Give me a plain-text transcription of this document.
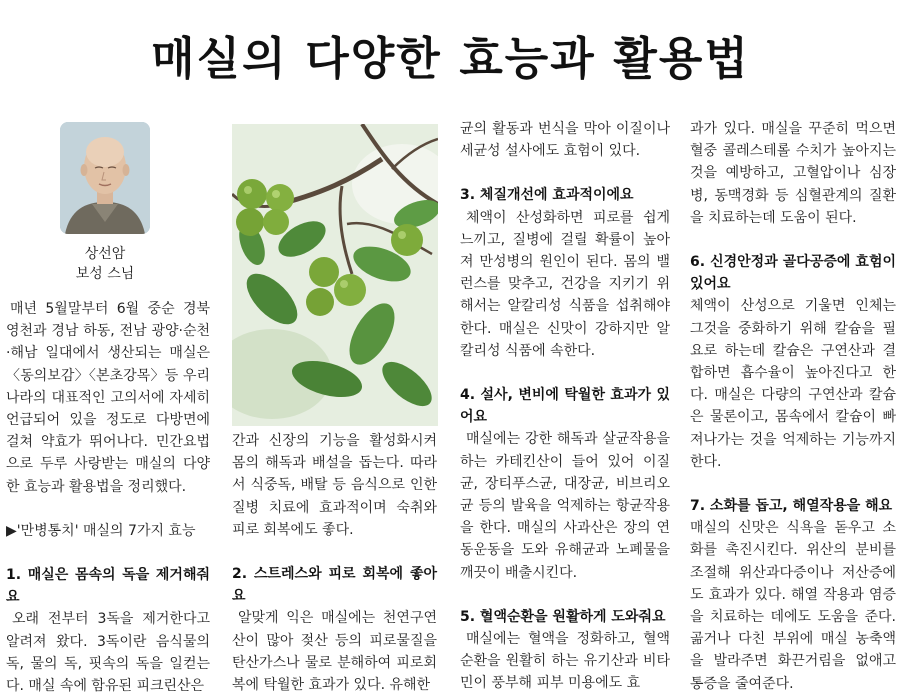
매실의 다양한 효능과 활용법
상선암
보성 스님

매년 5월말부터 6월 중순 경북 영천과 경남 하동, 전남 광양·순천·해남 일대에서 생산되는 매실은〈동의보감〉〈본초강목〉등 우리나라의 대표적인 고의서에 자세히 언급되어 있을 정도로 다방면에 걸쳐 약효가 뛰어나다. 민간요법으로 두루 사랑받는 매실의 다양한 효능과 활용법을 정리했다.

▶'만병통치' 매실의 7가지 효능

1. 매실은 몸속의 독을 제거해줘요

오래 전부터 3독을 제거한다고 알려져 왔다. 3독이란 음식물의 독, 물의 독, 핏속의 독을 일컫는다. 매실 속에 함유된 피크린산은

간과 신장의 기능을 활성화시켜 몸의 해독과 배설을 돕는다. 따라서 식중독, 배탈 등 음식으로 인한 질병 치료에 효과적이며 숙취와 피로 회복에도 좋다.

2. 스트레스와 피로 회복에 좋아요

알맞게 익은 매실에는 천연구연산이 많아 젖산 등의 피로물질을 탄산가스나 물로 분해하여 피로회복에 탁월한 효과가 있다. 유해한

균의 활동과 번식을 막아 이질이나 세균성 설사에도 효험이 있다.

3. 체질개선에 효과적이에요

체액이 산성화하면 피로를 쉽게 느끼고, 질병에 걸릴 확률이 높아져 만성병의 원인이 된다. 몸의 밸런스를 맞추고, 건강을 지키기 위해서는 알칼리성 식품을 섭취해야 한다. 매실은 신맛이 강하지만 알칼리성 식품에 속한다.

4. 설사, 변비에 탁월한 효과가 있어요

매실에는 강한 해독과 살균작용을 하는 카테킨산이 들어 있어 이질균, 장티푸스균, 대장균, 비브리오균 등의 발육을 억제하는 항균작용을 한다. 매실의 사과산은 장의 연동운동을 도와 유해균과 노폐물을 깨끗이 배출시킨다.

5. 혈액순환을 원활하게 도와줘요

매실에는 혈액을 정화하고, 혈액순환을 원활히 하는 유기산과 비타민이 풍부해 피부 미용에도 효

과가 있다. 매실을 꾸준히 먹으면 혈중 콜레스테롤 수치가 높아지는 것을 예방하고, 고혈압이나 심장병, 동맥경화 등 심혈관계의 질환을 치료하는데 도움이 된다.

6. 신경안정과 골다공증에 효험이 있어요

체액이 산성으로 기울면 인체는 그것을 중화하기 위해 칼슘을 필요로 하는데 칼슘은 구연산과 결합하면 흡수율이 높아진다고 한다. 매실은 다량의 구연산과 칼슘은 물론이고, 몸속에서 칼슘이 빠져나가는 것을 억제하는 기능까지 한다.

7. 소화를 돕고, 해열작용을 해요

매실의 신맛은 식욕을 돋우고 소화를 촉진시킨다. 위산의 분비를 조절해 위산과다증이나 저산증에도 효과가 있다. 해열 작용과 염증을 치료하는 데에도 도움을 준다. 곪거나 다친 부위에 매실 농축액을 발라주면 화끈거림을 없애고 통증을 줄여준다.
